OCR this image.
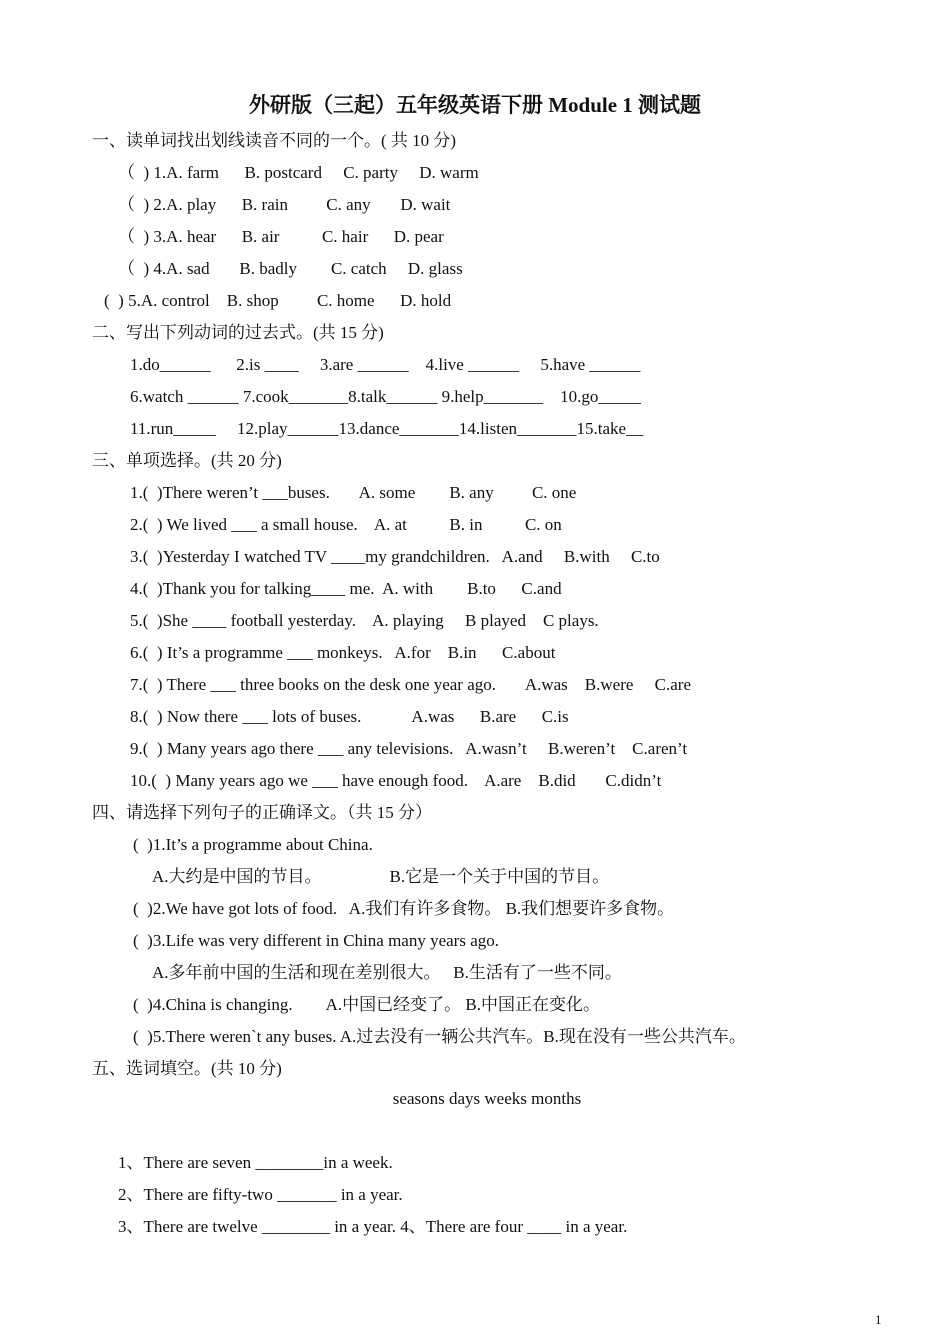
外研版（三起）五年级英语下册 Module 1 测试题
一、读单词找出划线读音不同的一个。( 共 10 分)
（  ) 1.A. farm      B. postcard     C. party     D. warm
（  ) 2.A. play      B. rain         C. any       D. wait
（  ) 3.A. hear      B. air          C. hair      D. pear
（  ) 4.A. sad       B. badly        C. catch     D. glass
(  ) 5.A. control    B. shop         C. home      D. hold
二、写出下列动词的过去式。(共 15 分)
1.do______      2.is ____     3.are ______    4.live ______     5.have ______
6.watch ______ 7.cook_______8.talk______ 9.help_______    10.go_____
11.run_____     12.play______13.dance_______14.listen_______15.take__
三、单项选择。(共 20 分)
1.(  )There weren’t ___buses.       A. some        B. any         C. one
2.(  ) We lived ___ a small house.    A. at          B. in          C. on
3.(  )Yesterday I watched TV ____my grandchildren.   A.and     B.with     C.to
4.(  )Thank you for talking____ me.  A. with        B.to      C.and
5.(  )She ____ football yesterday.    A. playing     B played    C plays.
6.(  ) It’s a programme ___ monkeys.   A.for    B.in      C.about
7.(  ) There ___ three books on the desk one year ago.       A.was    B.were     C.are
8.(  ) Now there ___ lots of buses.            A.was      B.are      C.is
9.(  ) Many years ago there ___ any televisions.   A.wasn’t     B.weren’t    C.aren’t
10.(  ) Many years ago we ___ have enough food.    A.are    B.did       C.didn’t
四、请选择下列句子的正确译文。（共 15 分）
(  )1.It’s a programme about China.
A.大约是中国的节目。                B.它是一个关于中国的节目。
(  )2.We have got lots of food.   A.我们有许多食物。 B.我们想要许多食物。
(  )3.Life was very different in China many years ago.
A.多年前中国的生活和现在差别很大。   B.生活有了一些不同。
(  )4.China is changing.        A.中国已经变了。 B.中国正在变化。
(  )5.There weren`t any buses. A.过去没有一辆公共汽车。B.现在没有一些公共汽车。
五、选词填空。(共 10 分)
seasons days weeks months
1、There are seven ________in a week.
2、There are fifty-two _______ in a year.
3、There are twelve ________ in a year. 4、There are four ____ in a year.
1
